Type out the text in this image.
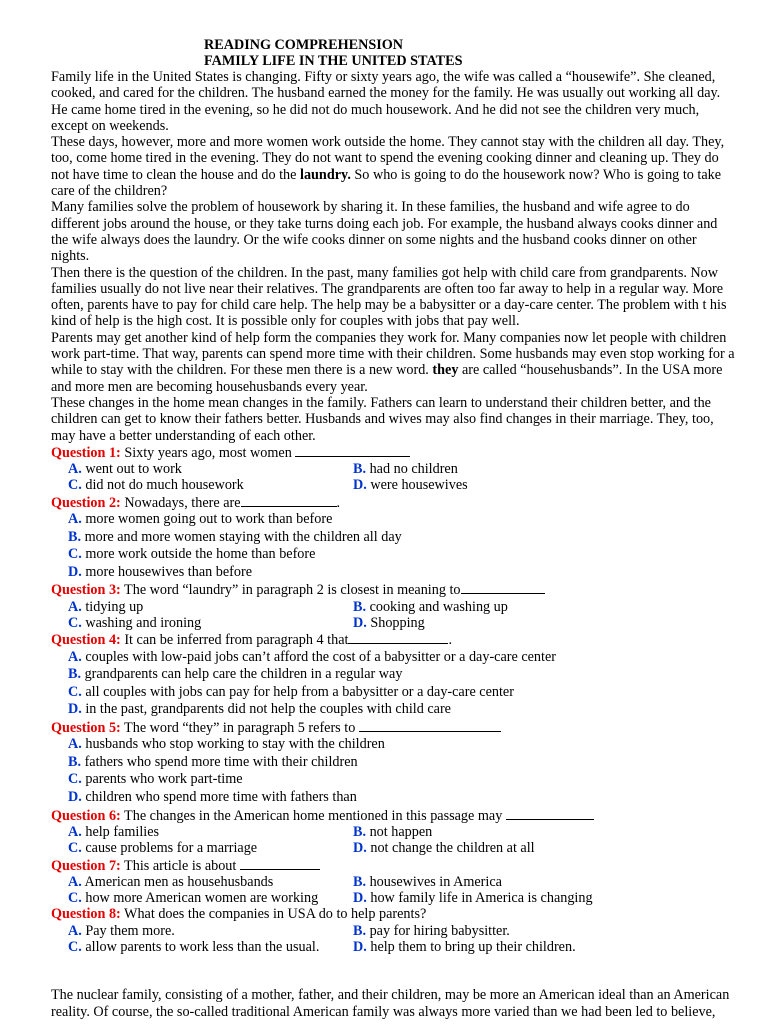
READING COMPREHENSION
FAMILY LIFE IN THE UNITED STATES

Family life in the United States is changing. Fifty or sixty years ago, the wife was called a “housewife”. She cleaned, cooked, and cared for the children. The husband earned the money for the family. He was usually out working all day. He came home tired in the evening, so he did not do much housework. And he did not see the children very much, except on weekends.

These days, however, more and more women work outside the home. They cannot stay with the children all day. They, too, come home tired in the evening. They do not want to spend the evening cooking dinner and cleaning up. They do not have time to clean the house and do the laundry. So who is going to do the housework now? Who is going to take care of the children?

Many families solve the problem of housework by sharing it. In these families, the husband and wife agree to do different jobs around the house, or they take turns doing each job. For example, the husband always cooks dinner and the wife always does the laundry. Or the wife cooks dinner on some nights and the husband cooks dinner on other nights.

Then there is the question of the children. In the past, many families got help with child care from grandparents. Now families usually do not live near their relatives. The grandparents are often too far away to help in a regular way. More often, parents have to pay for child care help. The help may be a babysitter or a day-care center. The problem with t his kind of help is the high cost. It is possible only for couples with jobs that pay well.

Parents may get another kind of help form the companies they work for. Many companies now let people with children work part-time. That way, parents can spend more time with their children. Some husbands may even stop working for a while to stay with the children. For these men there is a new word. they are called “househusbands”. In the USA more and more men are becoming househusbands every year.

These changes in the home mean changes in the family. Fathers can learn to understand their children better, and the children can get to know their fathers better. Husbands and wives may also find changes in their marriage. They, too, may have a better understanding of each other.

Question 1: Sixty years ago, most women
A. went out to work	B. had no children
C. did not do much housework	D. were housewives
Question 2: Nowadays, there are	.
A. more women going out to work than before
B. more and more women staying with the children all day
C. more work outside the home than before
D. more housewives than before
Question 3: The word “laundry” in paragraph 2 is closest in meaning to
A. tidying up	B. cooking and washing up
C. washing and ironing	D. Shopping
Question 4: It can be inferred from paragraph 4 that	.
A. couples with low-paid jobs can’t afford the cost of a babysitter or a day-care center
B. grandparents can help care the children in a regular way
C. all couples with jobs can pay for help from a babysitter or a day-care center
D. in the past, grandparents did not help the couples with child care
Question 5: The word “they” in paragraph 5 refers to
A. husbands who stop working to stay with the children
B. fathers who spend more time with their children
C. parents who work part-time
D. children who spend more time with fathers than
Question 6: The changes in the American home mentioned in this passage may
A. help families	B. not happen
C. cause problems for a marriage	D. not change the children at all
Question 7: This article is about
A. American men as househusbands	B. housewives in America
C. how more American women are working	D. how family life in America is changing
Question 8: What does the companies in USA do to help parents?
A. Pay them more.	B. pay for hiring babysitter.
C. allow parents to work less than the usual.	D. help them to bring up their children.

The nuclear family, consisting of a mother, father, and their children, may be more an American ideal than an American reality. Of course, the so-called traditional American family was always more varied than we had been led to believe,
